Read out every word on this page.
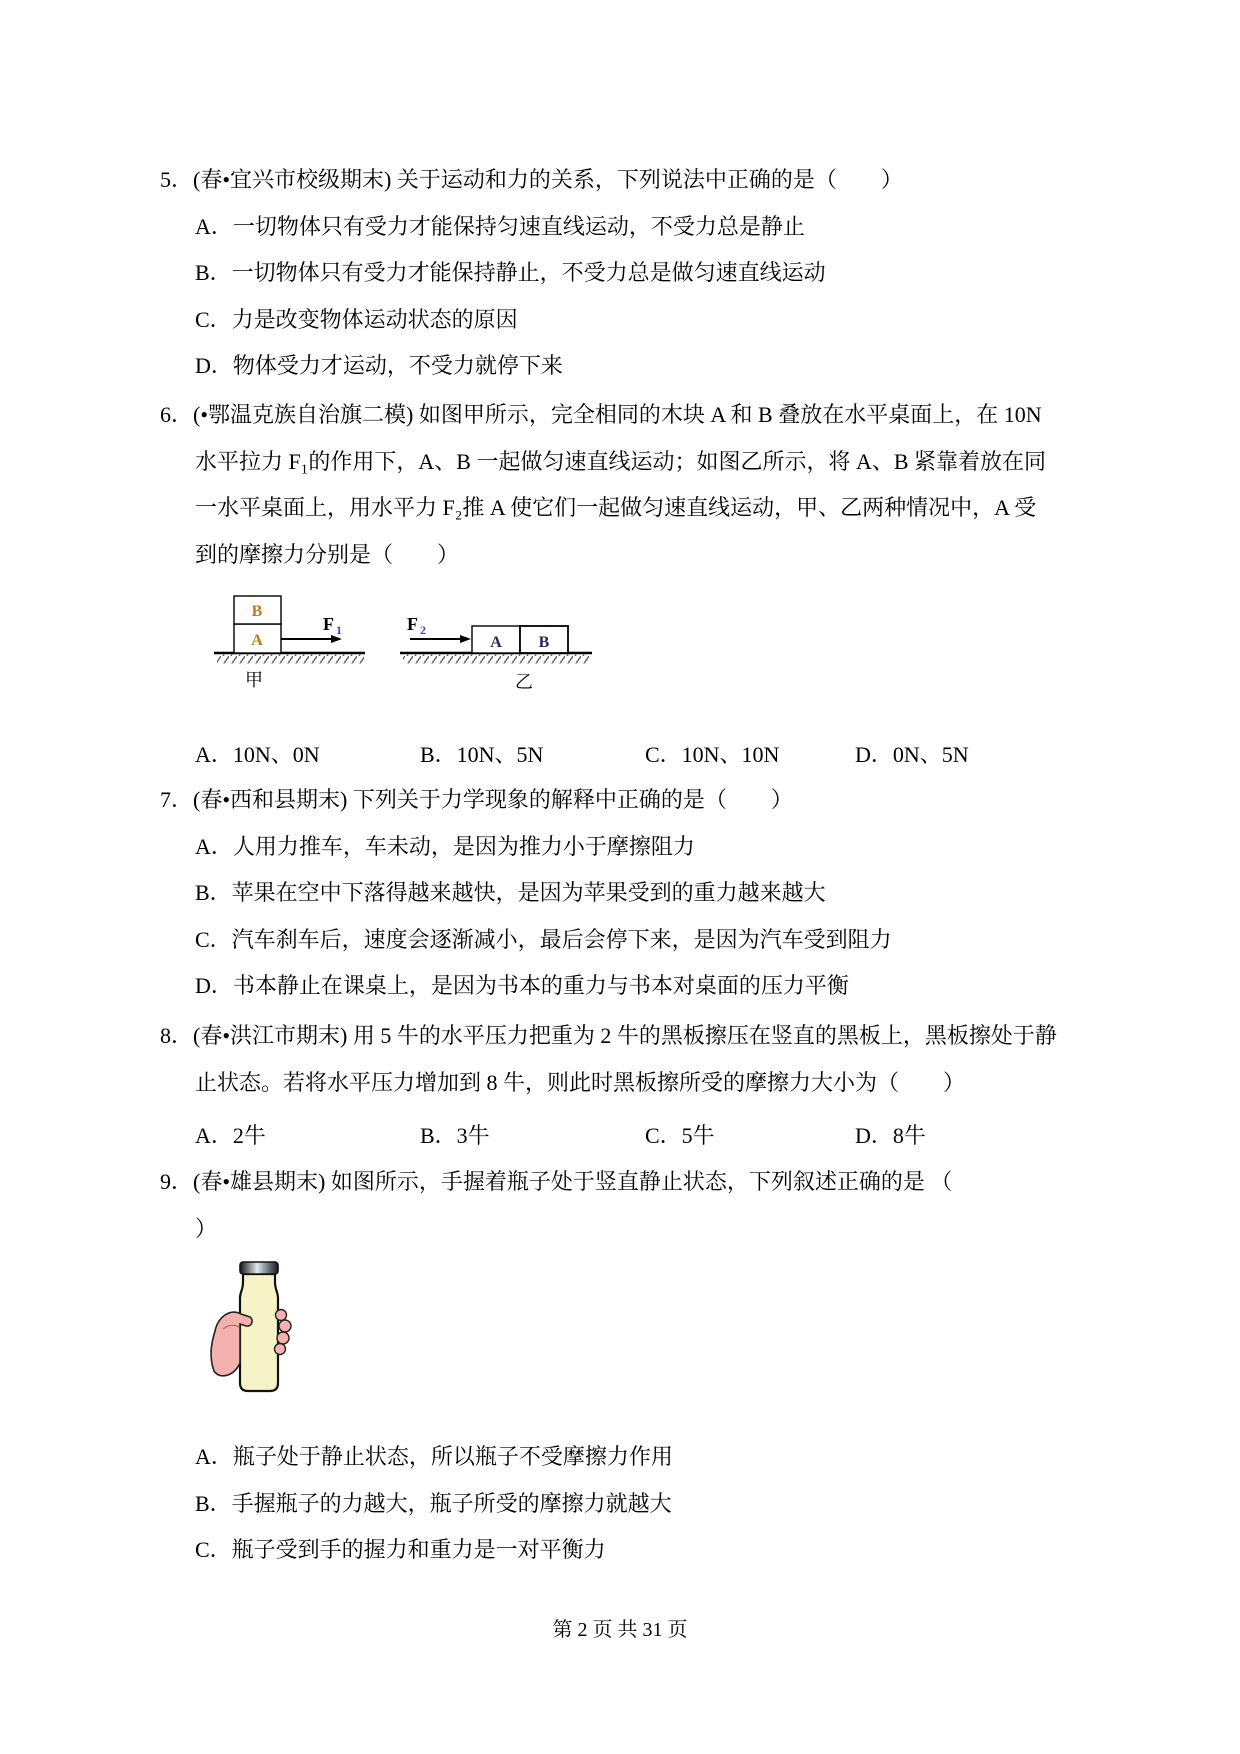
5．(春•宜兴市校级期末) 关于运动和力的关系，下列说法中正确的是（　　）
A．一切物体只有受力才能保持匀速直线运动，不受力总是静止
B．一切物体只有受力才能保持静止，不受力总是做匀速直线运动
C．力是改变物体运动状态的原因
D．物体受力才运动，不受力就停下来
6．(•鄂温克族自治旗二模) 如图甲所示，完全相同的木块 A 和 B 叠放在水平桌面上，在 10N 水平拉力 F₁的作用下，A、B 一起做匀速直线运动；如图乙所示，将 A、B 紧靠着放在同一水平桌面上，用水平力 F₂推 A 使它们一起做匀速直线运动，甲、乙两种情况中，A 受到的摩擦力分别是（　　）
B
A
F 1
甲
A B
F 2
乙
A．10N、0N	B．10N、5N	C．10N、10N	D．0N、5N
7．(春•西和县期末) 下列关于力学现象的解释中正确的是（　　）
A．人用力推车，车未动，是因为推力小于摩擦阻力
B．苹果在空中下落得越来越快，是因为苹果受到的重力越来越大
C．汽车刹车后，速度会逐渐减小，最后会停下来，是因为汽车受到阻力
D．书本静止在课桌上，是因为书本的重力与书本对桌面的压力平衡
8．(春•洪江市期末) 用 5 牛的水平压力把重为 2 牛的黑板擦压在竖直的黑板上，黑板擦处于静止状态。若将水平压力增加到 8 牛，则此时黑板擦所受的摩擦力大小为（　　）
A．2牛	B．3牛	C．5牛	D．8牛
9．(春•雄县期末) 如图所示，手握着瓶子处于竖直静止状态，下列叙述正确的是 （
）
A．瓶子处于静止状态，所以瓶子不受摩擦力作用
B．手握瓶子的力越大，瓶子所受的摩擦力就越大
C．瓶子受到手的握力和重力是一对平衡力
第 2 页 共 31 页
